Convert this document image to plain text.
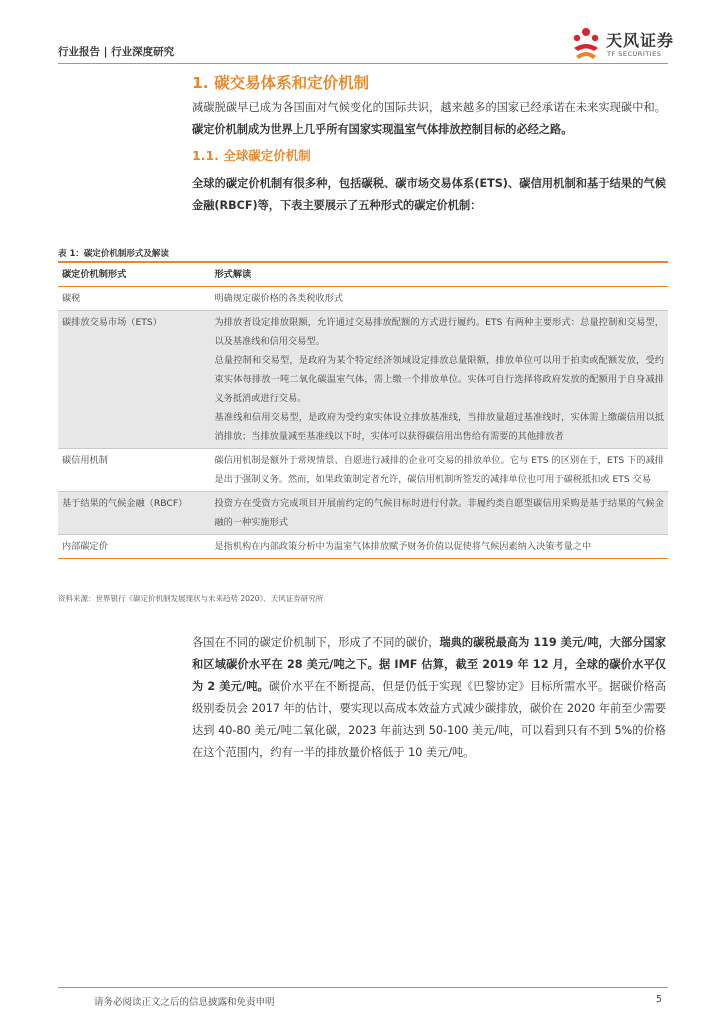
行业报告 | 行业深度研究
天风证券
TF SECURITIES
1. 碳交易体系和定价机制
减碳脱碳早已成为各国面对气候变化的国际共识，越来越多的国家已经承诺在未来实现碳中和。碳定价机制成为世界上几乎所有国家实现温室气体排放控制目标的必经之路。
1.1. 全球碳定价机制
全球的碳定价机制有很多种，包括碳税、碳市场交易体系(ETS)、碳信用机制和基于结果的气候金融(RBCF)等，下表主要展示了五种形式的碳定价机制：
表 1：碳定价机制形式及解读
碳定价机制形式	形式解读
碳税	明确规定碳价格的各类税收形式

碳排放交易市场（ETS）	为排放者设定排放限额，允许通过交易排放配额的方式进行履约。ETS 有两种主要形式：总量控制和交易型，以及基准线和信用交易型。

总量控制和交易型，是政府为某个特定经济领域设定排放总量限额，排放单位可以用于拍卖或配额发放，受约束实体每排放一吨二氧化碳温室气体，需上缴一个排放单位。实体可自行选择将政府发放的配额用于自身减排义务抵消或进行交易。

基准线和信用交易型，是政府为受约束实体设立排放基准线，当排放量超过基准线时，实体需上缴碳信用以抵消排放；当排放量减至基准线以下时，实体可以获得碳信用出售给有需要的其他排放者

碳信用机制	碳信用机制是额外于常规情景、自愿进行减排的企业可交易的排放单位。它与 ETS 的区别在于，ETS 下的减排是出于强制义务。然而，如果政策制定者允许，碳信用机制所签发的减排单位也可用于碳税抵扣或 ETS 交易

基于结果的气候金融（RBCF）	投资方在受资方完成项目开展前约定的气候目标时进行付款。非履约类自愿型碳信用采购是基于结果的气候金融的一种实施形式

内部碳定价	是指机构在内部政策分析中为温室气体排放赋予财务价值以促使将气候因素纳入决策考量之中

资料来源：世界银行《碳定价机制发展现状与未来趋势 2020》、天风证券研究所
各国在不同的碳定价机制下，形成了不同的碳价，瑞典的碳税最高为 119 美元/吨，大部分国家和区域碳价水平在 28 美元/吨之下。据 IMF 估算，截至 2019 年 12 月，全球的碳价水平仅为 2 美元/吨。碳价水平在不断提高，但是仍低于实现《巴黎协定》目标所需水平。据碳价格高级别委员会 2017 年的估计，要实现以高成本效益方式减少碳排放，碳价在 2020 年前至少需要达到 40-80 美元/吨二氧化碳，2023 年前达到 50-100 美元/吨，可以看到只有不到 5%的价格在这个范围内，约有一半的排放量价格低于 10 美元/吨。
请务必阅读正文之后的信息披露和免责申明	5
